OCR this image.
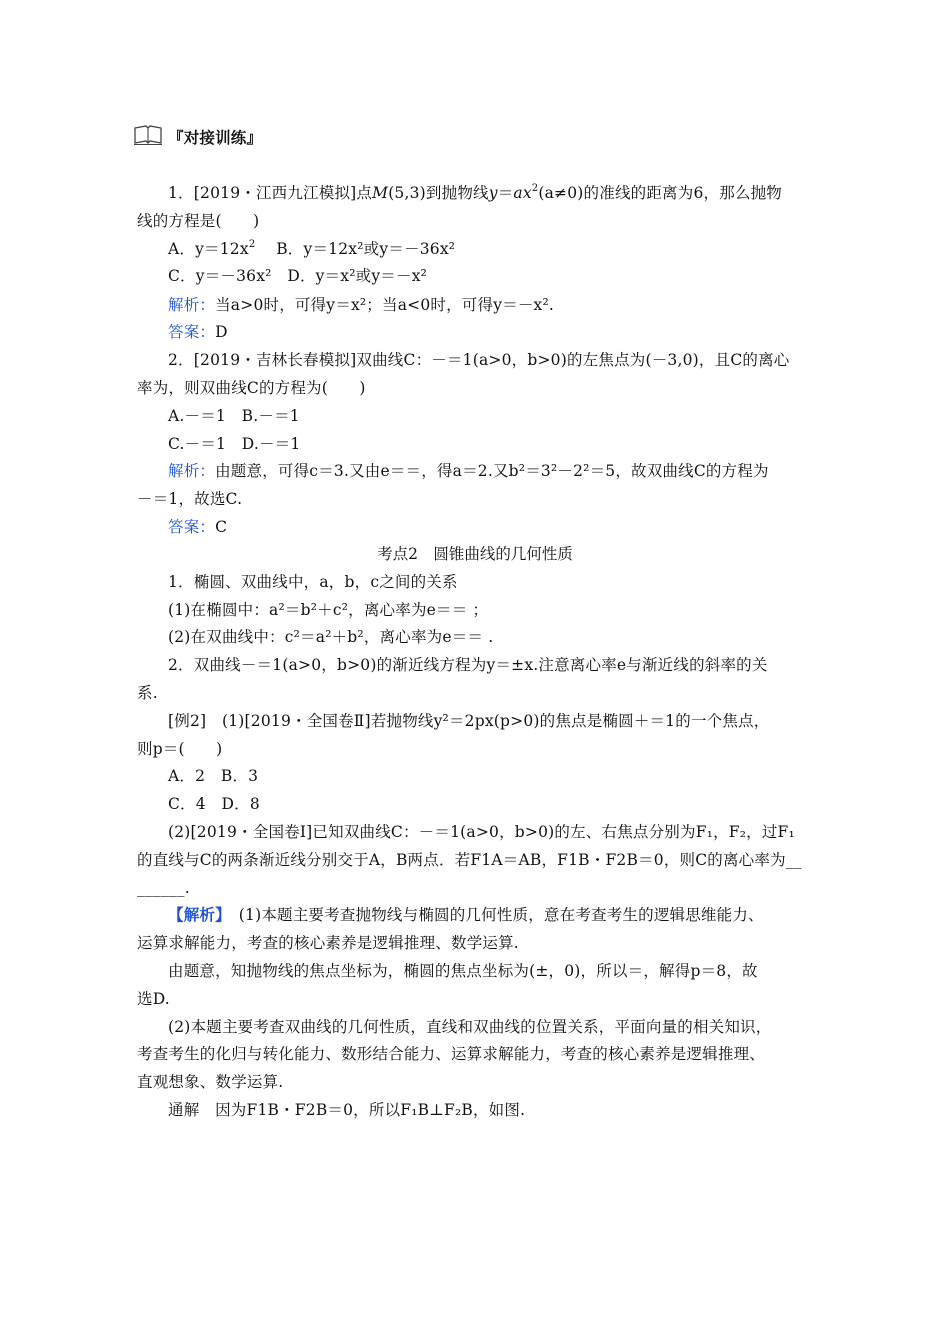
『对接训练』
1．[2019・江西九江模拟]点M(5,3)到抛物线$y=ax^2(a\ne 0)$的准线的距离为6，那么抛物
线的方程是(　　)
A．$y=12x^2$　 B．y＝12x²或y＝－36x²
C．y＝－36x²　 D．y＝x²或y＝－x²
解析：当a>0时，可得y＝x²；当a<0时，可得y＝－x².
答案：D
2．[2019・吉林长春模拟]双曲线C：－＝1(a>0，b>0)的左焦点为(－3,0)，且C的离心
率为，则双曲线C的方程为(　　)
A.－＝1　B.－＝1
C.－＝1　D.－＝1
解析：由题意，可得c＝3.又由e＝＝，得a＝2.又b²＝3²－2²＝5，故双曲线C的方程为
－＝1，故选C.
答案：C
考点2　圆锥曲线的几何性质
1．椭圆、双曲线中，a，b，c之间的关系
(1)在椭圆中：a²＝b²＋c²，离心率为e＝＝ ；
(2)在双曲线中：c²＝a²＋b²，离心率为e＝＝ .
2．双曲线－＝1(a>0，b>0)的渐近线方程为y＝±x.注意离心率e与渐近线的斜率的关
系.
[例2]　(1)[2019・全国卷Ⅱ]若抛物线y²＝2px(p>0)的焦点是椭圆＋＝1的一个焦点，
则p＝(　　)
A．2　B．3
C．4　D．8
(2)[2019・全国卷Ⅰ]已知双曲线C：－＝1(a>0，b>0)的左、右焦点分别为F₁，F₂，过F₁
的直线与C的两条渐近线分别交于A，B两点．若F1A＝AB，F1B・F2B＝0，则C的离心率为__
______.
【解析】　(1)本题主要考查抛物线与椭圆的几何性质，意在考查考生的逻辑思维能力、
运算求解能力，考查的核心素养是逻辑推理、数学运算.
由题意，知抛物线的焦点坐标为，椭圆的焦点坐标为(±，0)，所以＝，解得p＝8，故
选D.
(2)本题主要考查双曲线的几何性质，直线和双曲线的位置关系，平面向量的相关知识，
考查考生的化归与转化能力、数形结合能力、运算求解能力，考查的核心素养是逻辑推理、
直观想象、数学运算.
通解　因为F1B・F2B＝0，所以F₁B⊥F₂B，如图.
